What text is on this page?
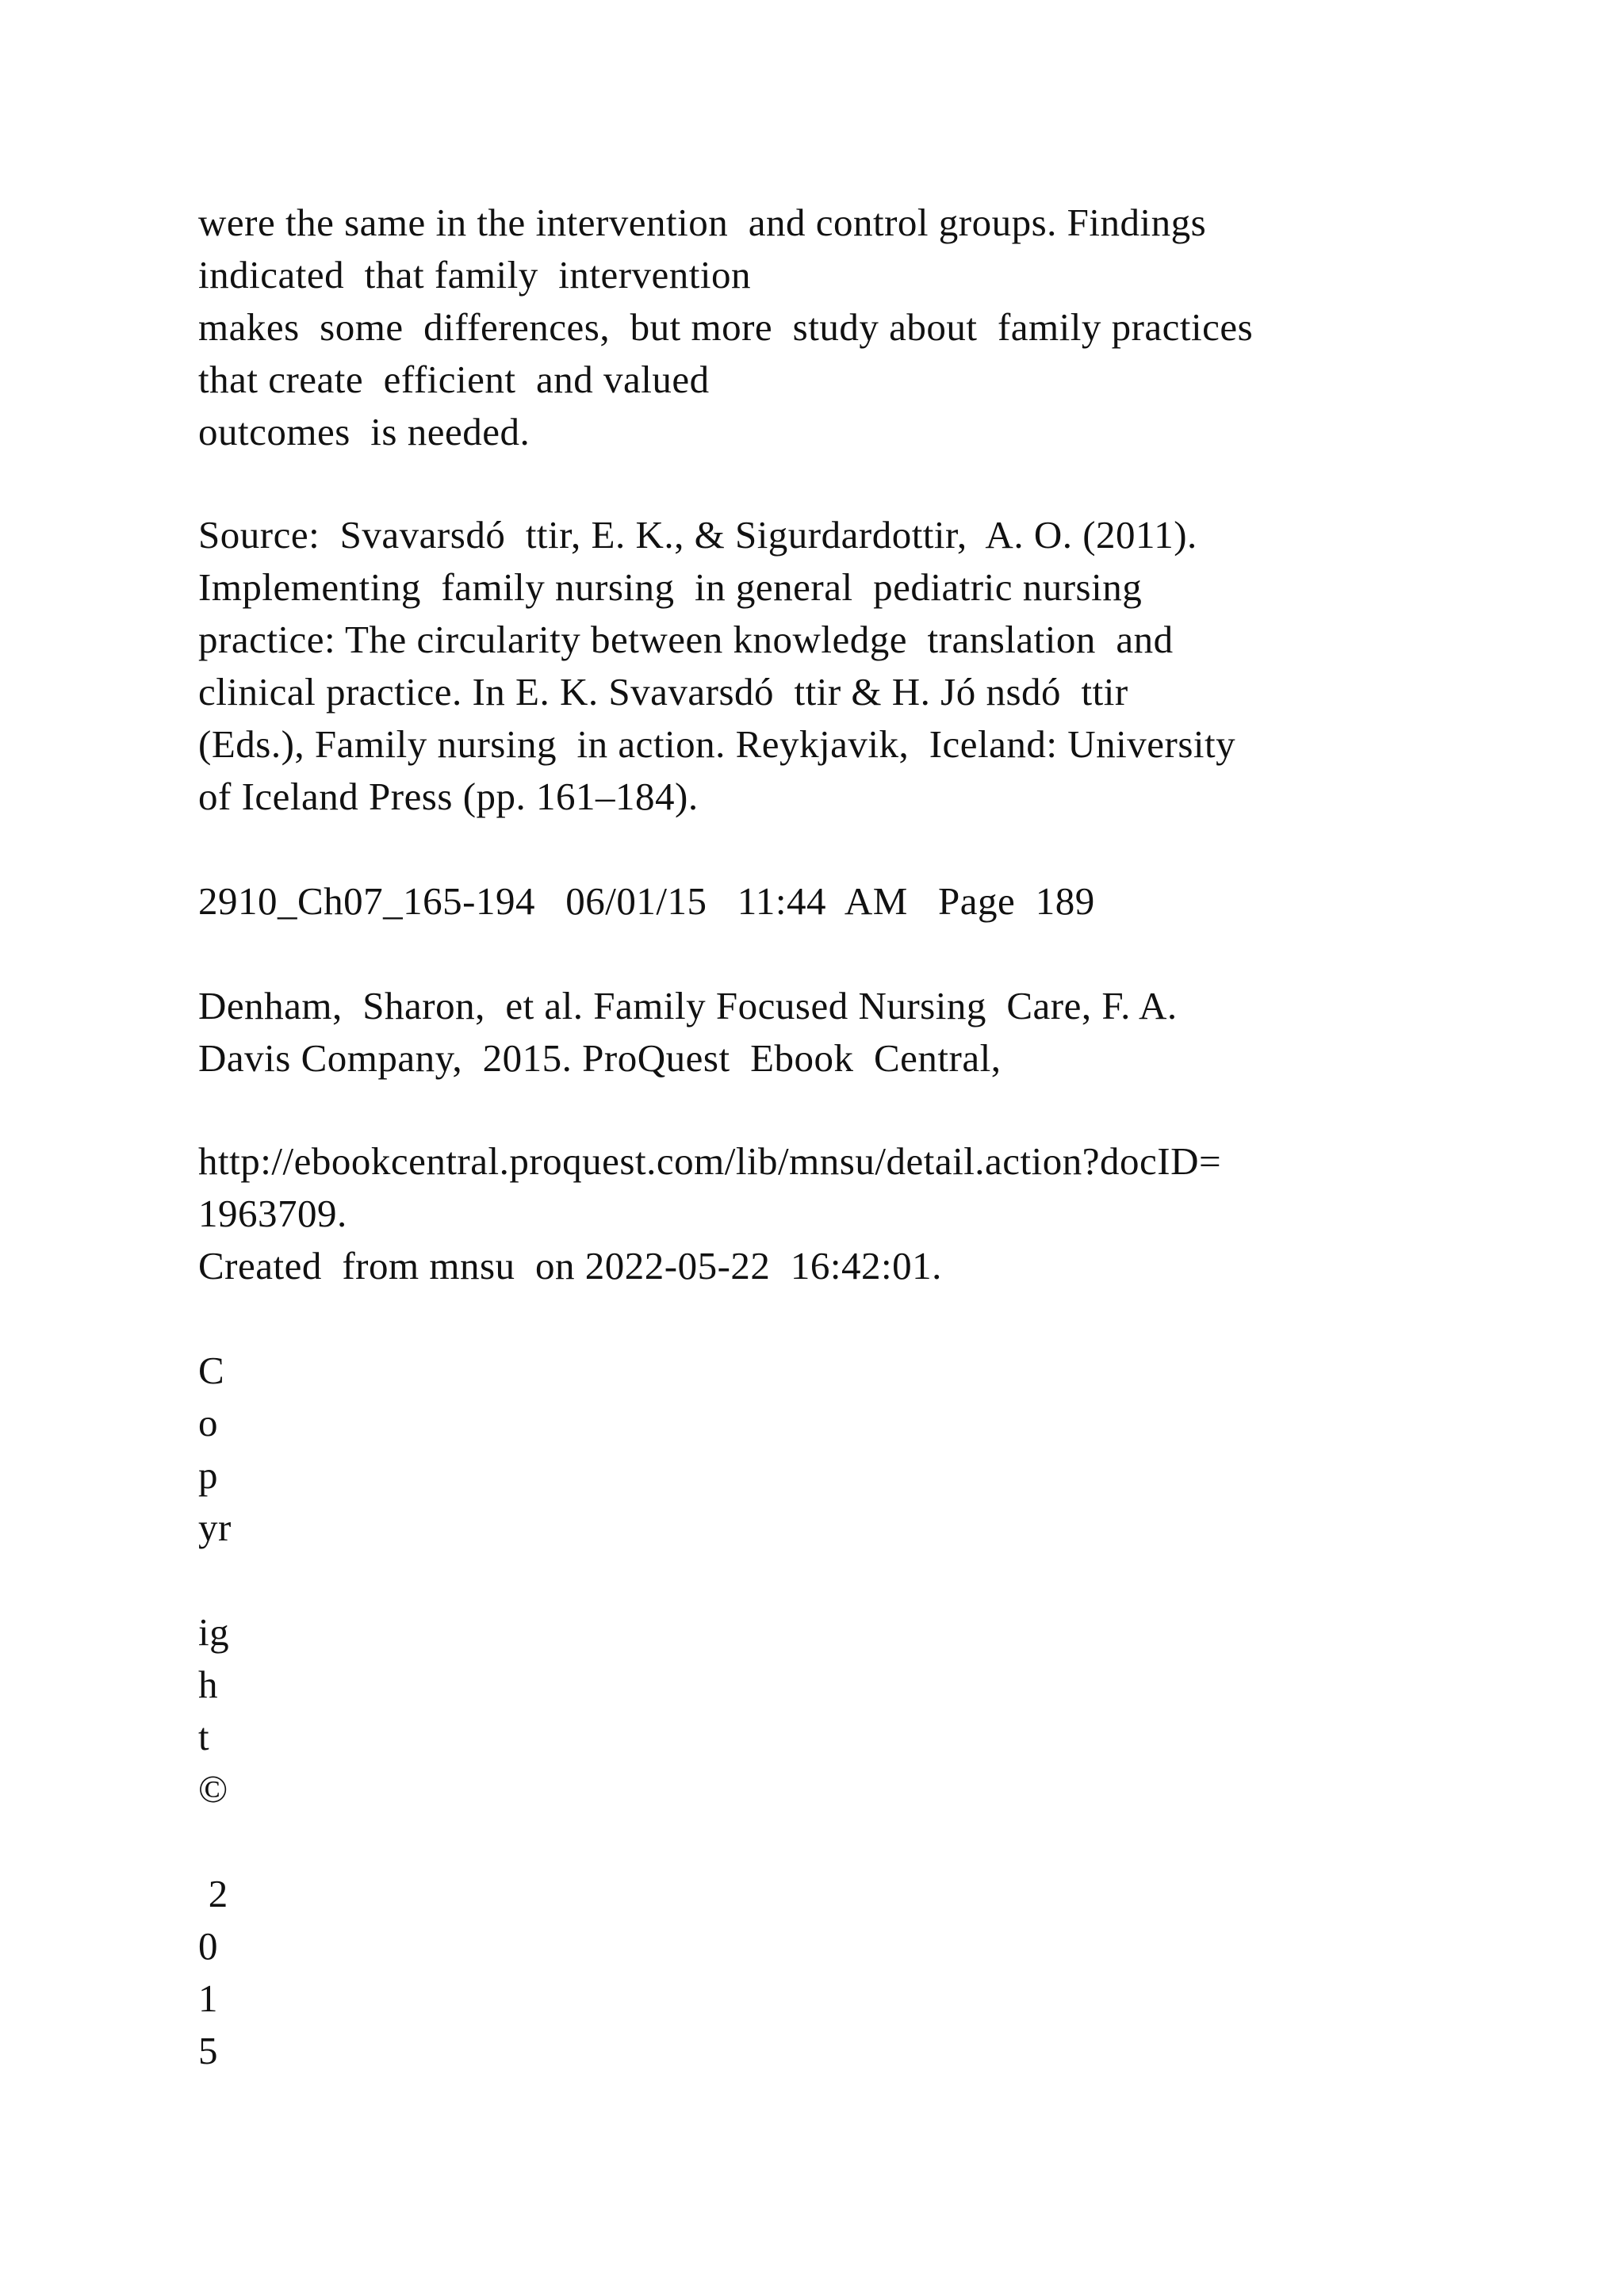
were the same in the intervention  and control groups. Findings
indicated  that family  intervention
makes  some  differences,  but more  study about  family practices
that create  efficient  and valued
outcomes  is needed.
Source:  Svavarsdó  ttir, E. K., & Sigurdardottir,  A. O. (2011).
Implementing  family nursing  in general  pediatric nursing
practice: The circularity between knowledge  translation  and
clinical practice. In E. K. Svavarsdó  ttir & H. Jó nsdó  ttir
(Eds.), Family nursing  in action. Reykjavik,  Iceland: University
of Iceland Press (pp. 161–184).
2910_Ch07_165-194   06/01/15   11:44  AM   Page  189
Denham,  Sharon,  et al. Family Focused Nursing  Care, F. A.
Davis Company,  2015. ProQuest  Ebook  Central,
http://ebookcentral.proquest.com/lib/mnsu/detail.action?docID=
1963709.
Created  from mnsu  on 2022-05-22  16:42:01.
C
o
p
yr
ig
h
t
©
2
0
1
5
